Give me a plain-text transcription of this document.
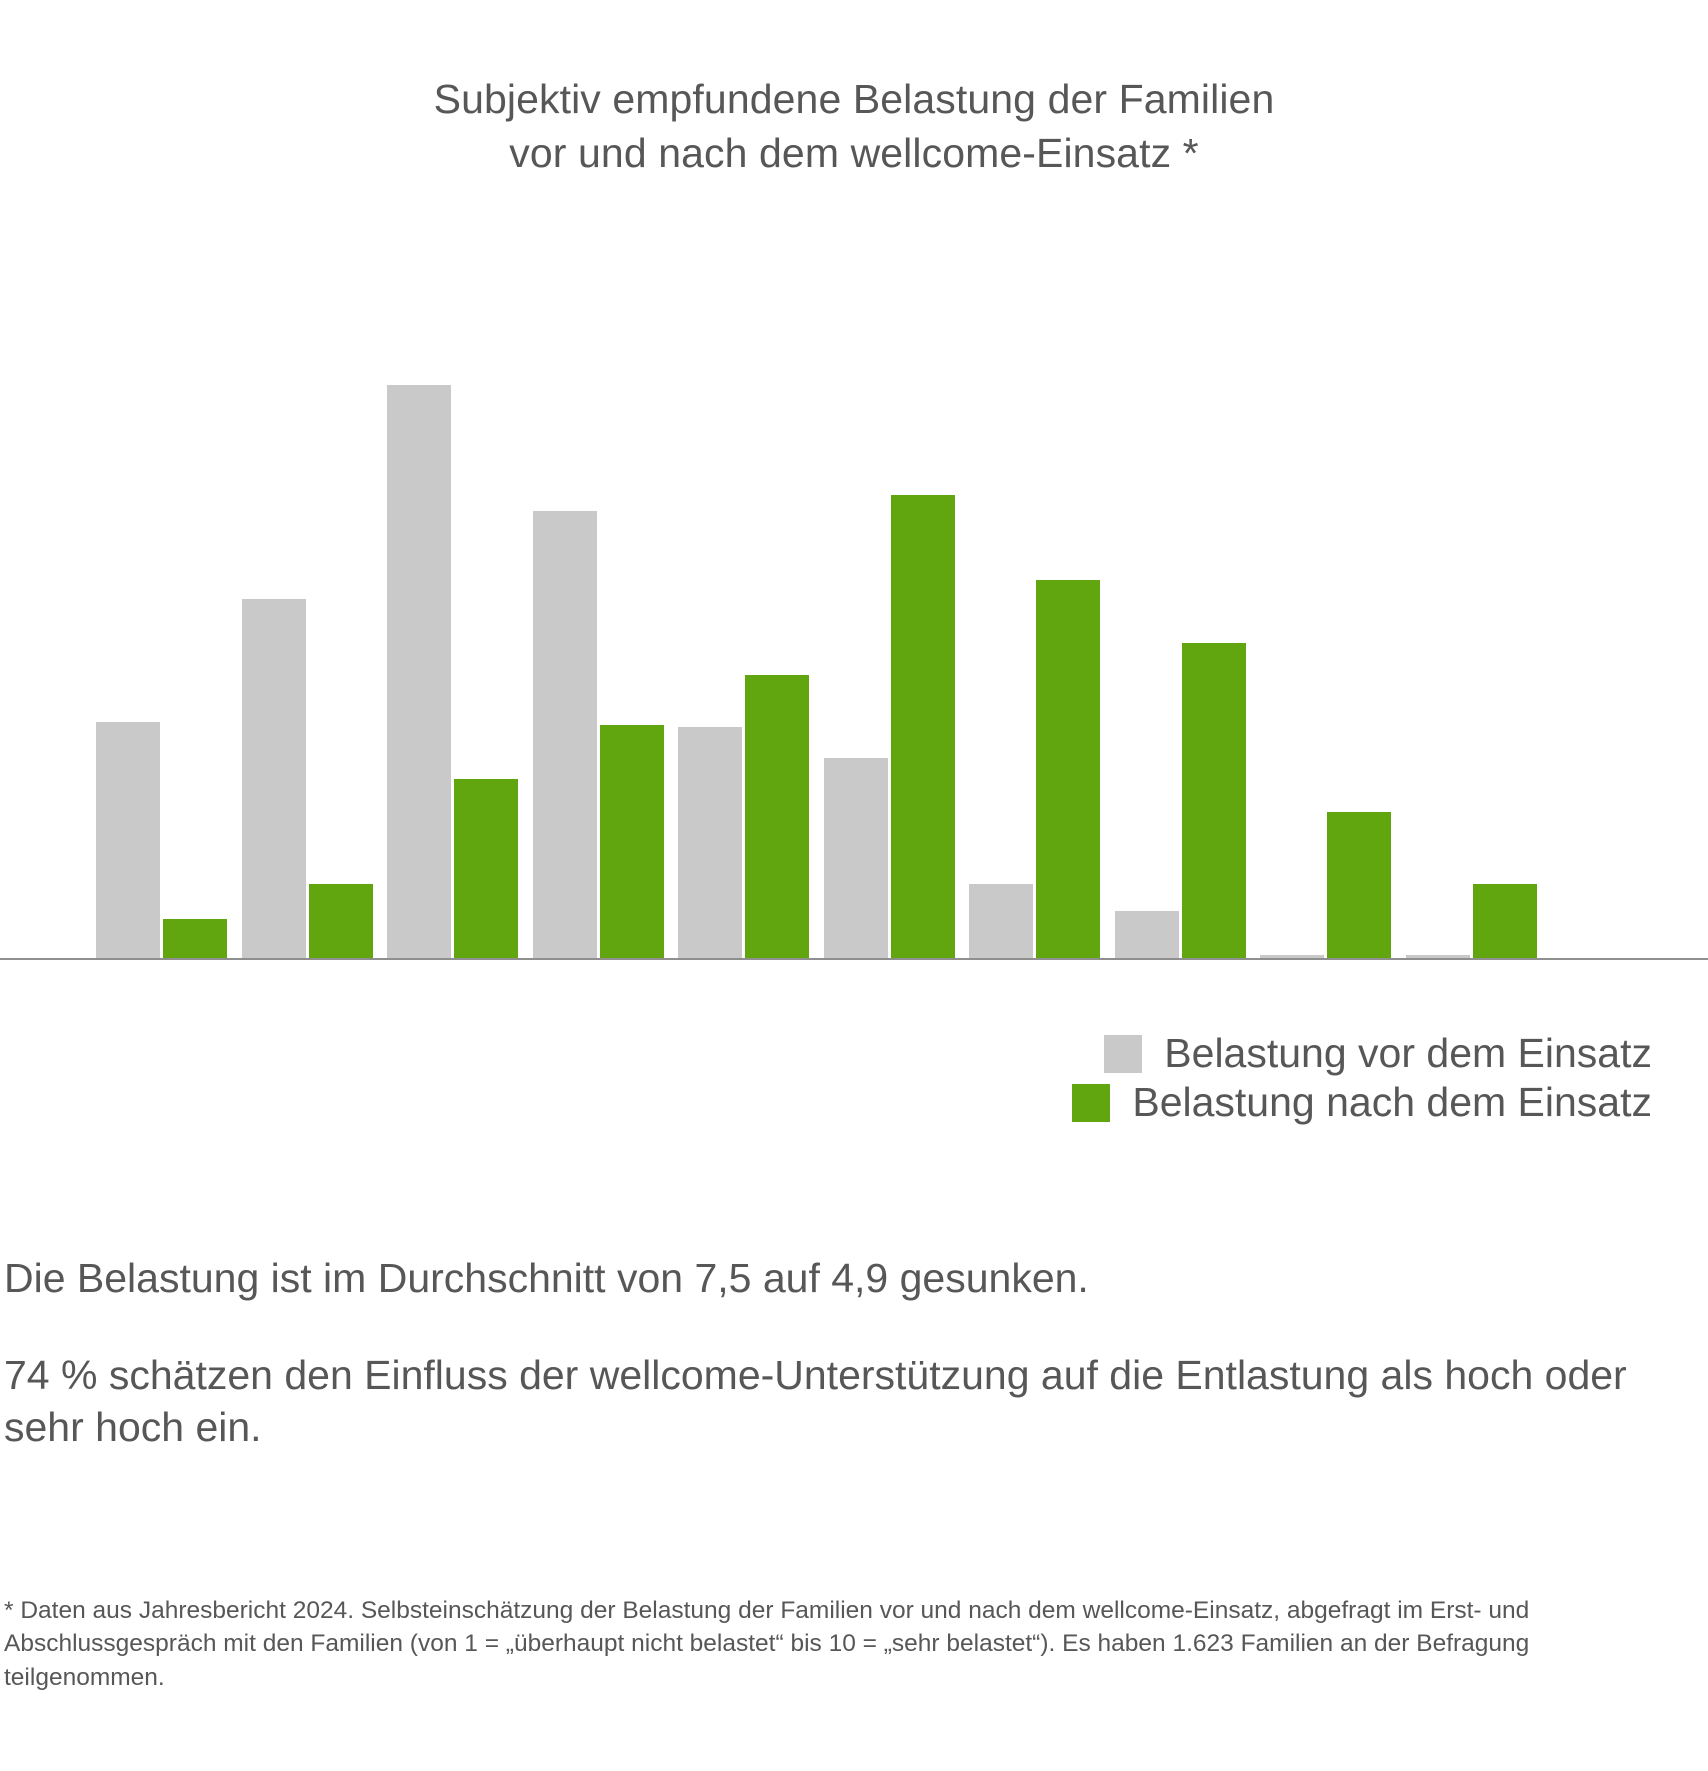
Subjektiv empfundene Belastung der Familien
vor und nach dem wellcome-Einsatz *
Belastung vor dem Einsatz
Belastung nach dem Einsatz

Die Belastung ist im Durchschnitt von 7,5 auf 4,9 gesunken.

74 % schätzen den Einfluss der wellcome-Unterstützung auf die Entlastung als hoch oder sehr hoch ein.

* Daten aus Jahresbericht 2024. Selbsteinschätzung der Belastung der Familien vor und nach dem wellcome-Einsatz, abgefragt im Erst- und Abschlussgespräch mit den Familien (von 1 = „überhaupt nicht belastet“ bis 10 = „sehr belastet“). Es haben 1.623 Familien an der Befragung teilgenommen.
